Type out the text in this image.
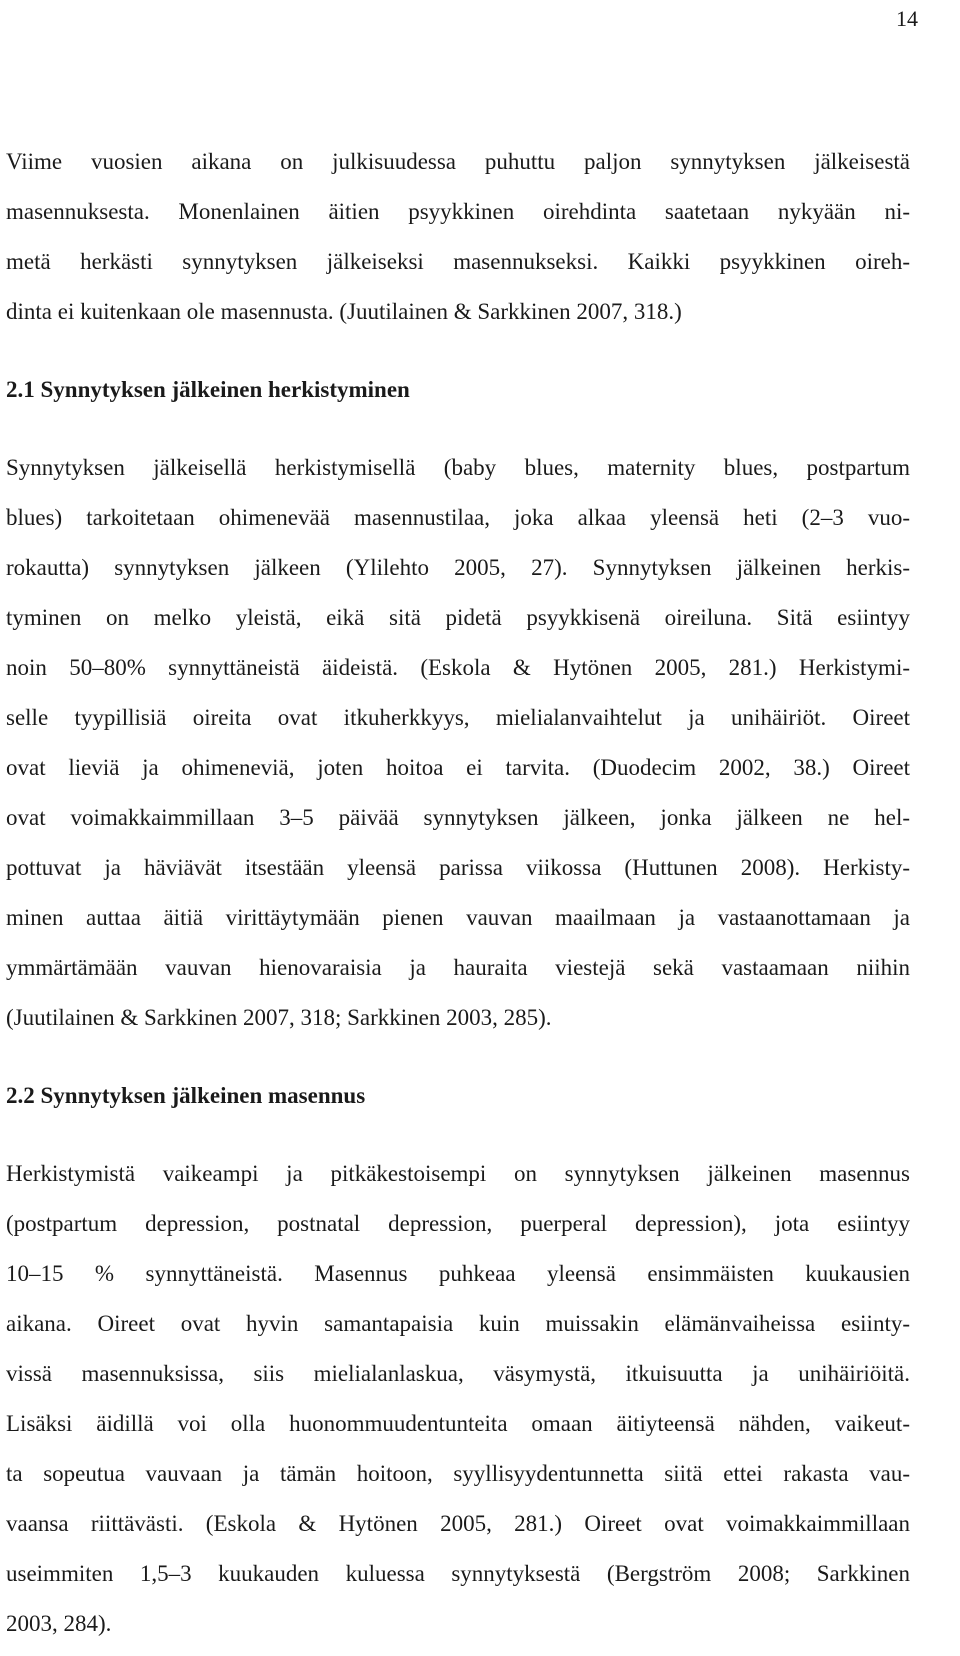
14
Viime vuosien aikana on julkisuudessa puhuttu paljon synnytyksen jälkeisestä
masennuksesta. Monenlainen äitien psyykkinen oirehdinta saatetaan nykyään ni-
metä herkästi synnytyksen jälkeiseksi masennukseksi. Kaikki psyykkinen oireh-
dinta ei kuitenkaan ole masennusta. (Juutilainen & Sarkkinen 2007, 318.)
2.1 Synnytyksen jälkeinen herkistyminen
Synnytyksen jälkeisellä herkistymisellä (baby blues, maternity blues, postpartum
blues) tarkoitetaan ohimenevää masennustilaa, joka alkaa yleensä heti (2–3 vuo-
rokautta) synnytyksen jälkeen (Ylilehto 2005, 27). Synnytyksen jälkeinen herkis-
tyminen on melko yleistä, eikä sitä pidetä psyykkisenä oireiluna. Sitä esiintyy
noin 50–80% synnyttäneistä äideistä. (Eskola & Hytönen 2005, 281.) Herkistymi-
selle tyypillisiä oireita ovat itkuherkkyys, mielialanvaihtelut ja unihäiriöt. Oireet
ovat lieviä ja ohimeneviä, joten hoitoa ei tarvita. (Duodecim 2002, 38.) Oireet
ovat voimakkaimmillaan 3–5 päivää synnytyksen jälkeen, jonka jälkeen ne hel-
pottuvat ja häviävät itsestään yleensä parissa viikossa (Huttunen 2008). Herkisty-
minen auttaa äitiä virittäytymään pienen vauvan maailmaan ja vastaanottamaan ja
ymmärtämään vauvan hienovaraisia ja hauraita viestejä sekä vastaamaan niihin
(Juutilainen & Sarkkinen 2007, 318; Sarkkinen 2003, 285).
2.2 Synnytyksen jälkeinen masennus
Herkistymistä vaikeampi ja pitkäkestoisempi on synnytyksen jälkeinen masennus
(postpartum depression, postnatal depression, puerperal depression), jota esiintyy
10–15 % synnyttäneistä. Masennus puhkeaa yleensä ensimmäisten kuukausien
aikana. Oireet ovat hyvin samantapaisia kuin muissakin elämänvaiheissa esiinty-
vissä masennuksissa, siis mielialanlaskua, väsymystä, itkuisuutta ja unihäiriöitä.
Lisäksi äidillä voi olla huonommuudentunteita omaan äitiyteensä nähden, vaikeut-
ta sopeutua vauvaan ja tämän hoitoon, syyllisyydentunnetta siitä ettei rakasta vau-
vaansa riittävästi. (Eskola & Hytönen 2005, 281.) Oireet ovat voimakkaimmillaan
useimmiten 1,5–3 kuukauden kuluessa synnytyksestä (Bergström 2008; Sarkkinen
2003, 284).
